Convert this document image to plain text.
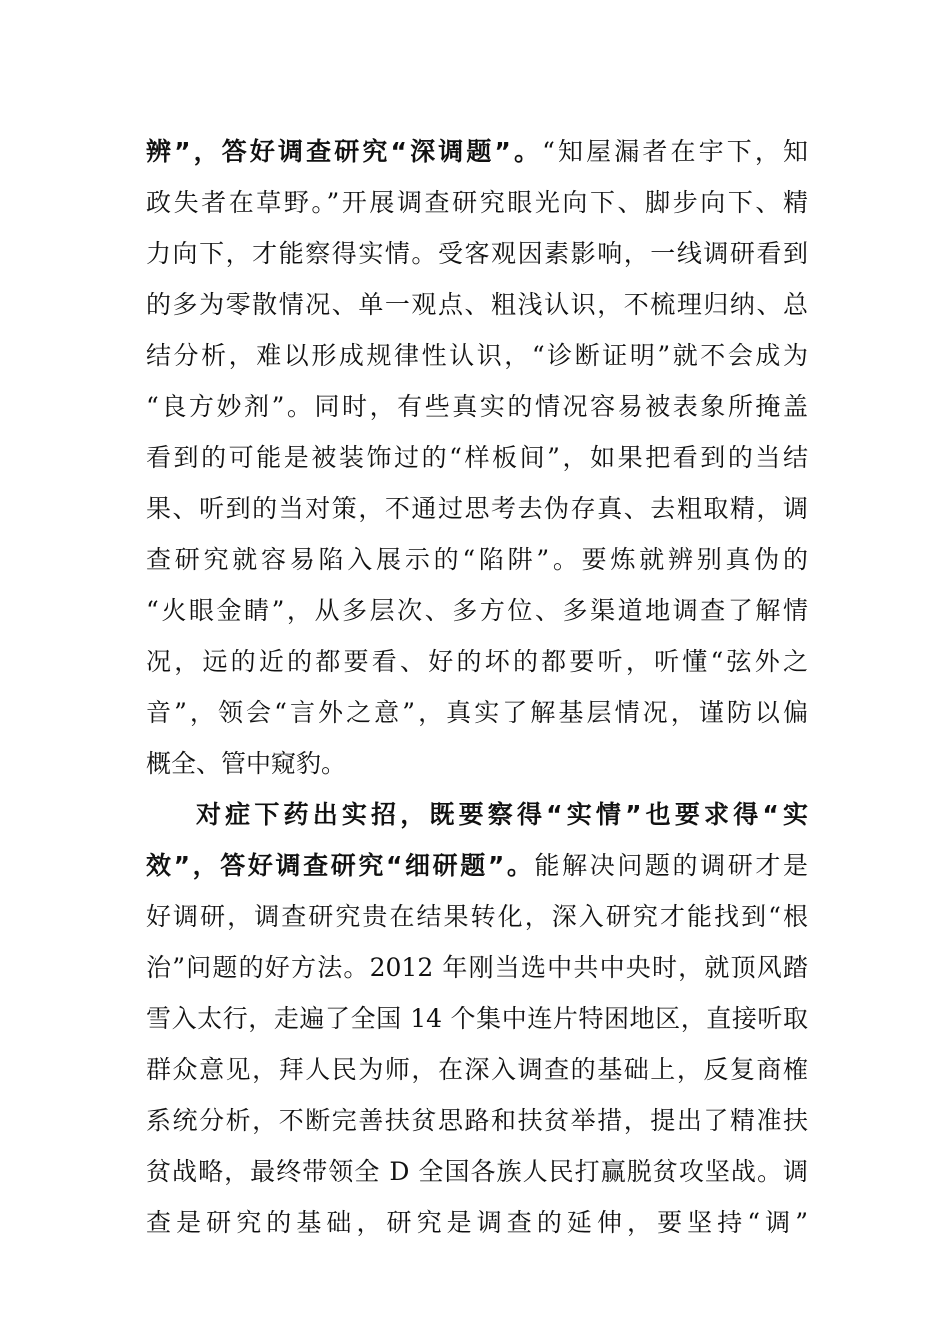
辨”，答好调查研究“深调题”。“知屋漏者在宇下，知
政失者在草野。”开展调查研究眼光向下、脚步向下、精
力向下，才能察得实情。受客观因素影响，一线调研看到
的多为零散情况、单一观点、粗浅认识，不梳理归纳、总
结分析，难以形成规律性认识，“诊断证明”就不会成为
“良方妙剂”。同时，有些真实的情况容易被表象所掩盖
看到的可能是被装饰过的“样板间”，如果把看到的当结
果、听到的当对策，不通过思考去伪存真、去粗取精，调
查研究就容易陷入展示的“陷阱”。要炼就辨别真伪的
“火眼金睛”，从多层次、多方位、多渠道地调查了解情
况，远的近的都要看、好的坏的都要听，听懂“弦外之
音”，领会“言外之意”，真实了解基层情况，谨防以偏
概全、管中窥豹。
对症下药出实招，既要察得“实情”也要求得“实
效”，答好调查研究“细研题”。能解决问题的调研才是
好调研，调查研究贵在结果转化，深入研究才能找到“根
治”问题的好方法。2012 年刚当选中共中央时，就顶风踏
雪入太行，走遍了全国 14 个集中连片特困地区，直接听取
群众意见，拜人民为师，在深入调查的基础上，反复商榷
系统分析，不断完善扶贫思路和扶贫举措，提出了精准扶
贫战略，最终带领全 D 全国各族人民打赢脱贫攻坚战。调
查是研究的基础，研究是调查的延伸，要坚持“调”
